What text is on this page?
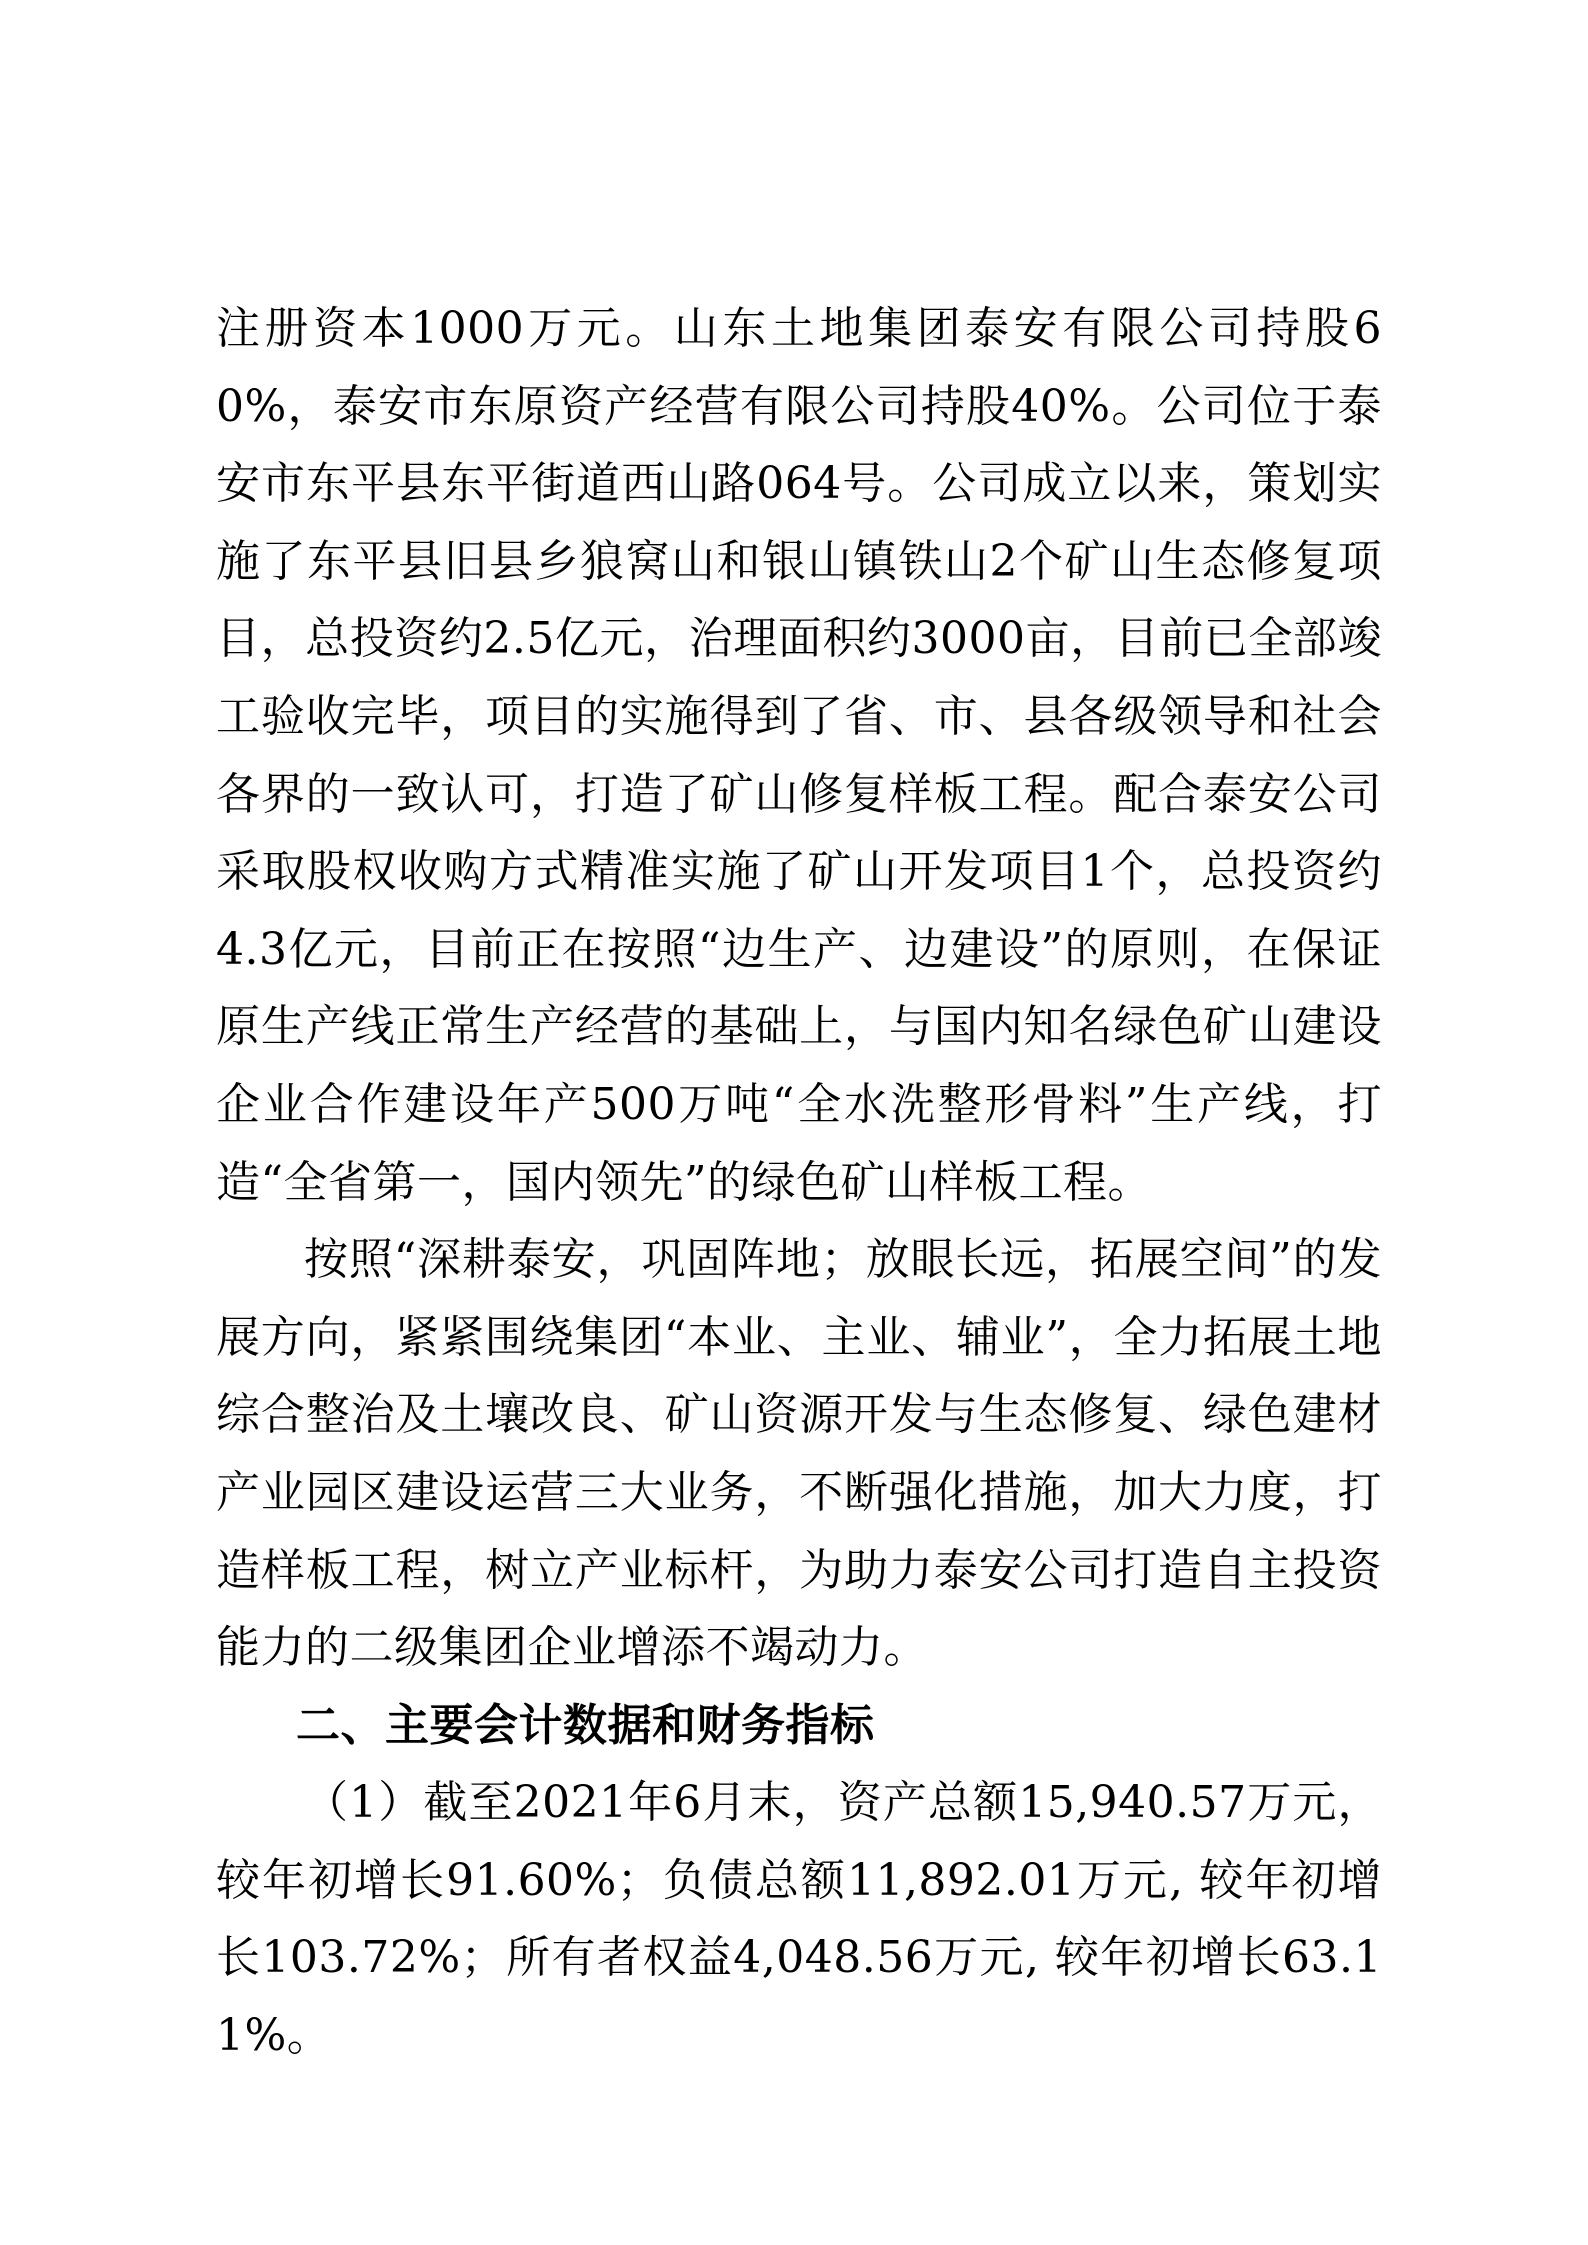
注册资本1000万元。山东土地集团泰安有限公司持股60%，泰安市东原资产经营有限公司持股40%。公司位于泰安市东平县东平街道西山路064号。公司成立以来，策划实施了东平县旧县乡狼窝山和银山镇铁山2个矿山生态修复项目，总投资约2.5亿元，治理面积约3000亩，目前已全部竣工验收完毕，项目的实施得到了省、市、县各级领导和社会各界的一致认可，打造了矿山修复样板工程。配合泰安公司采取股权收购方式精准实施了矿山开发项目1个，总投资约4.3亿元，目前正在按照“边生产、边建设”的原则，在保证原生产线正常生产经营的基础上，与国内知名绿色矿山建设企业合作建设年产500万吨“全水洗整形骨料”生产线，打造“全省第一，国内领先”的绿色矿山样板工程。

按照“深耕泰安，巩固阵地；放眼长远，拓展空间”的发展方向，紧紧围绕集团“本业、主业、辅业”，全力拓展土地综合整治及土壤改良、矿山资源开发与生态修复、绿色建材产业园区建设运营三大业务，不断强化措施，加大力度，打造样板工程，树立产业标杆，为助力泰安公司打造自主投资能力的二级集团企业增添不竭动力。

二、主要会计数据和财务指标

（1）截至2021年6月末，资产总额15,940.57万元，较年初增长91.60%；负债总额11,892.01万元, 较年初增长103.72%；所有者权益4,048.56万元, 较年初增长63.11%。
